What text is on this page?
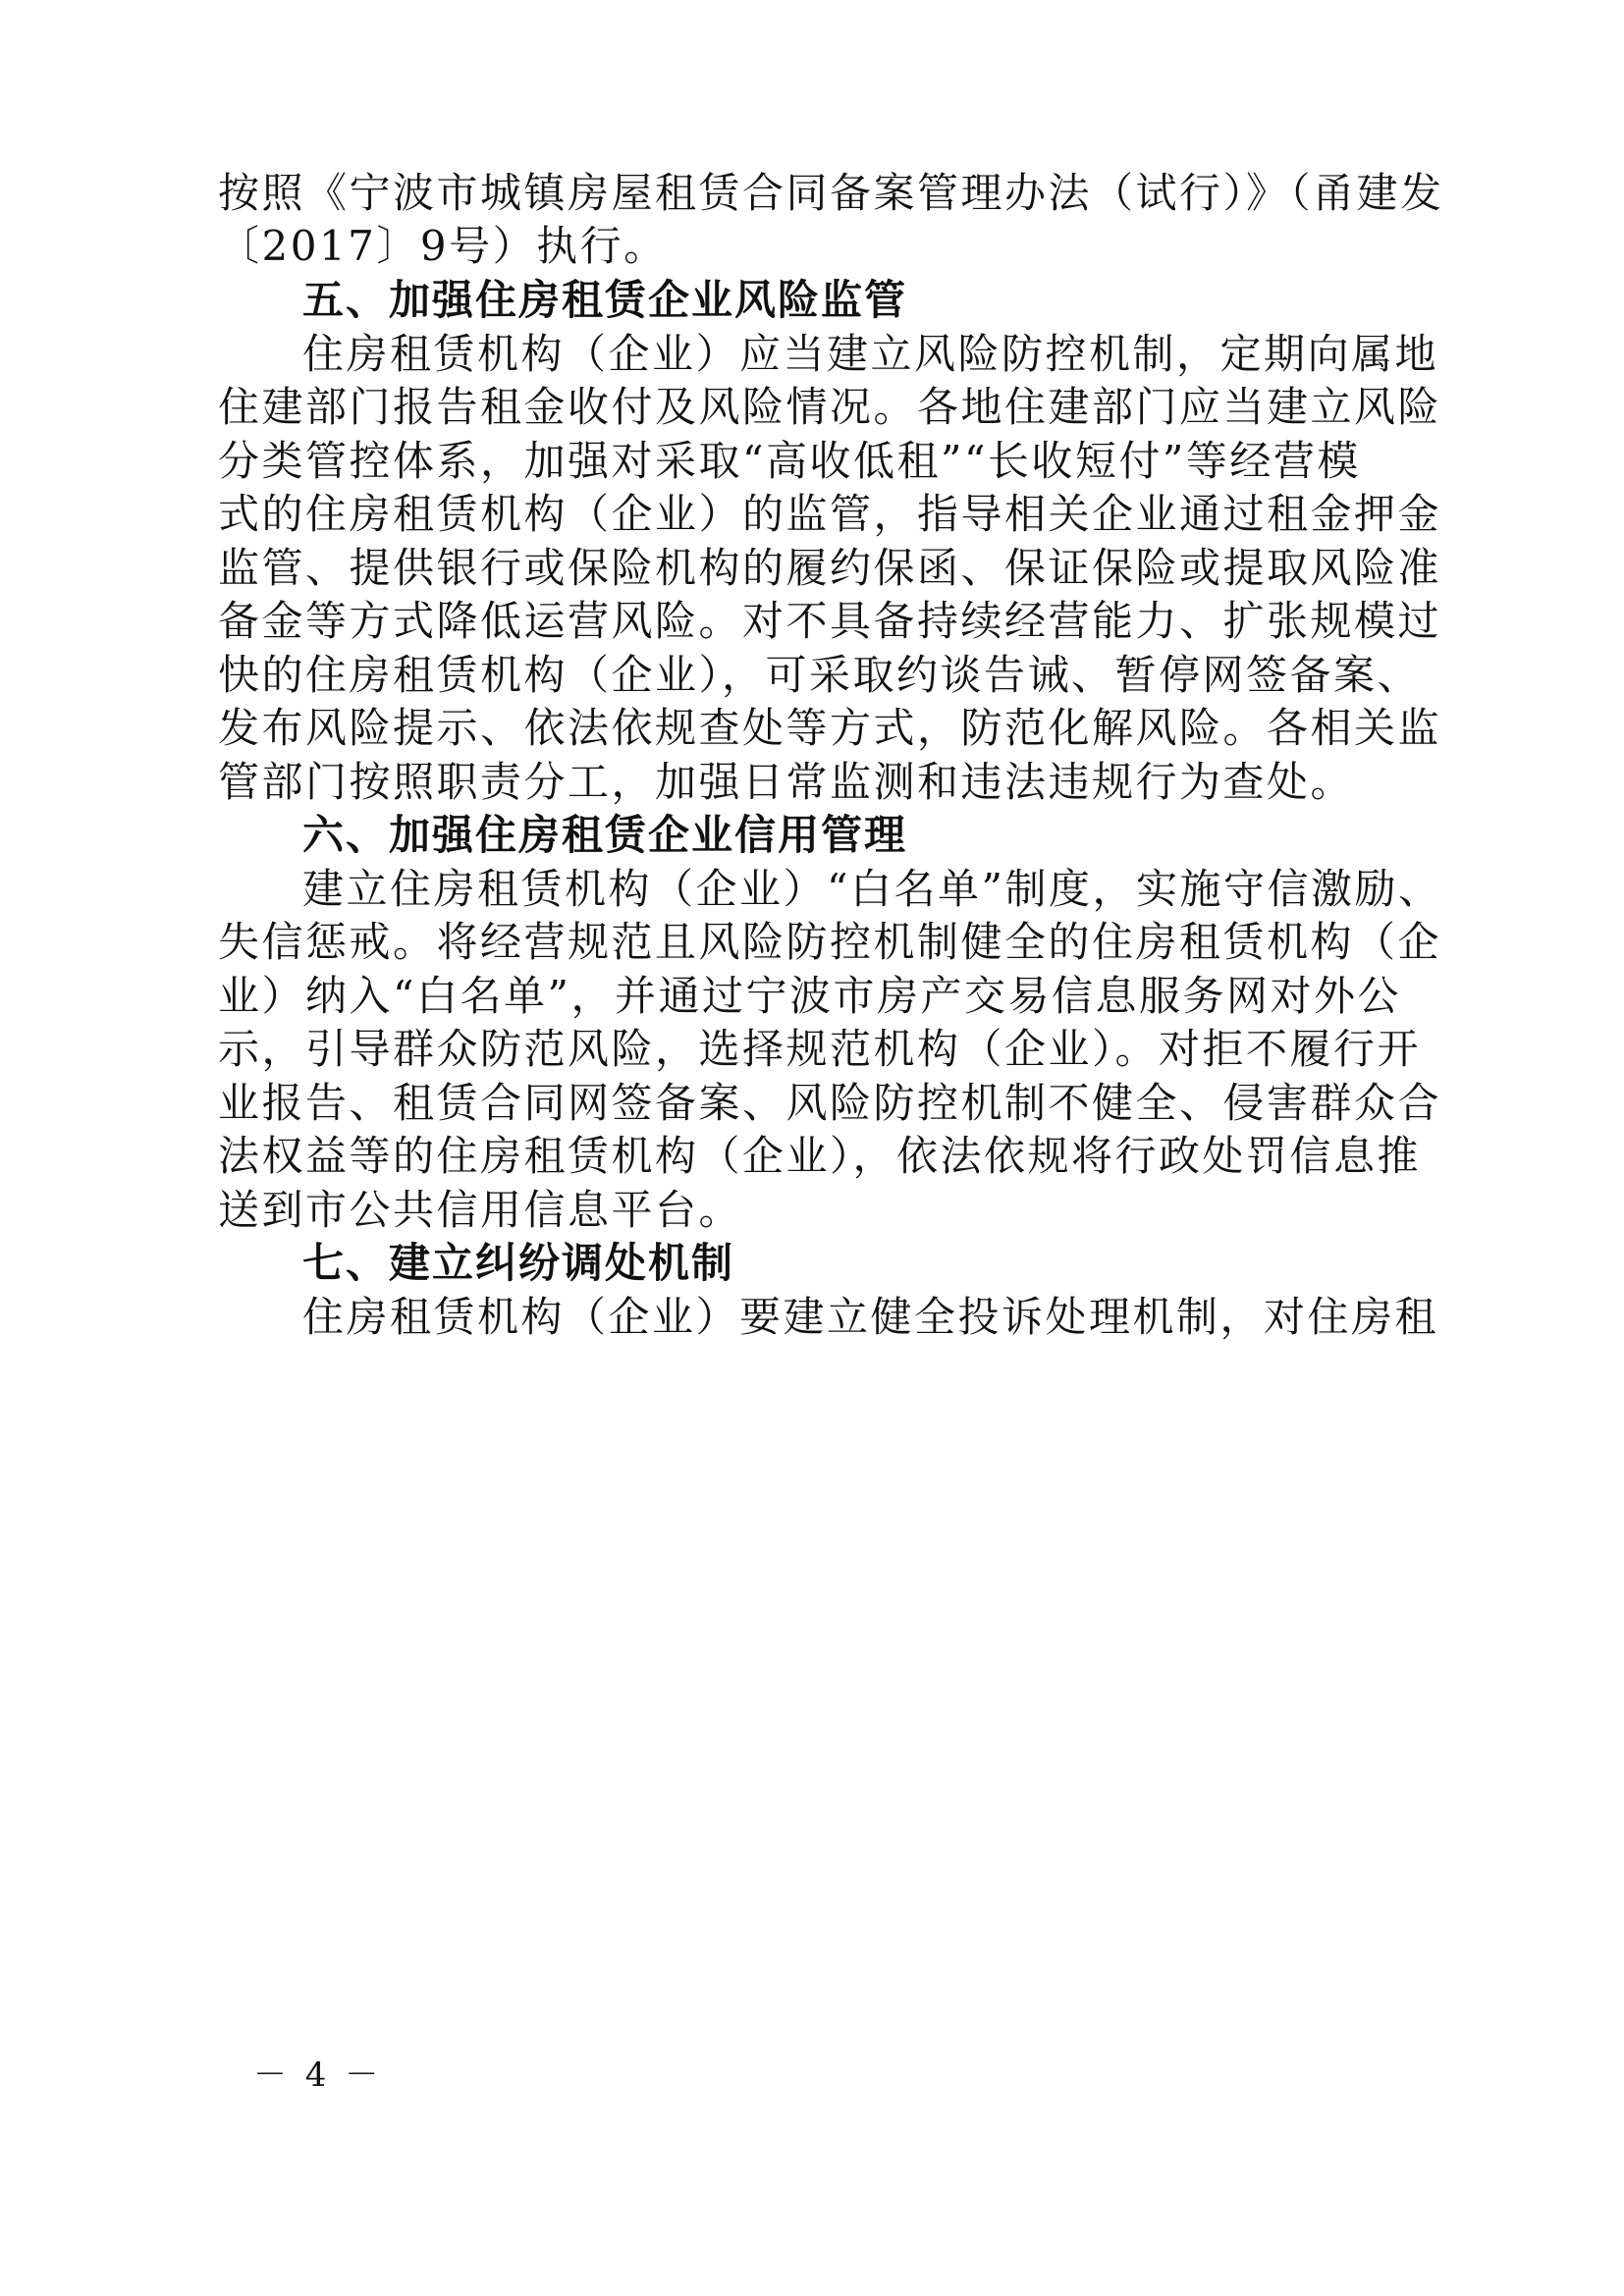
按照《宁波市城镇房屋租赁合同备案管理办法（试行）》（甬建发
〔2017〕9号）执行。
五、加强住房租赁企业风险监管
住房租赁机构（企业）应当建立风险防控机制，定期向属地
住建部门报告租金收付及风险情况。各地住建部门应当建立风险
分类管控体系，加强对采取“高收低租”“长收短付”等经营模
式的住房租赁机构（企业）的监管，指导相关企业通过租金押金
监管、提供银行或保险机构的履约保函、保证保险或提取风险准
备金等方式降低运营风险。对不具备持续经营能力、扩张规模过
快的住房租赁机构（企业），可采取约谈告诫、暂停网签备案、
发布风险提示、依法依规查处等方式，防范化解风险。各相关监
管部门按照职责分工，加强日常监测和违法违规行为查处。
六、加强住房租赁企业信用管理
建立住房租赁机构（企业）“白名单”制度，实施守信激励、
失信惩戒。将经营规范且风险防控机制健全的住房租赁机构（企
业）纳入“白名单”，并通过宁波市房产交易信息服务网对外公
示，引导群众防范风险，选择规范机构（企业）。对拒不履行开
业报告、租赁合同网签备案、风险防控机制不健全、侵害群众合
法权益等的住房租赁机构（企业），依法依规将行政处罚信息推
送到市公共信用信息平台。
七、建立纠纷调处机制
住房租赁机构（企业）要建立健全投诉处理机制，对住房租
－ 4 －
